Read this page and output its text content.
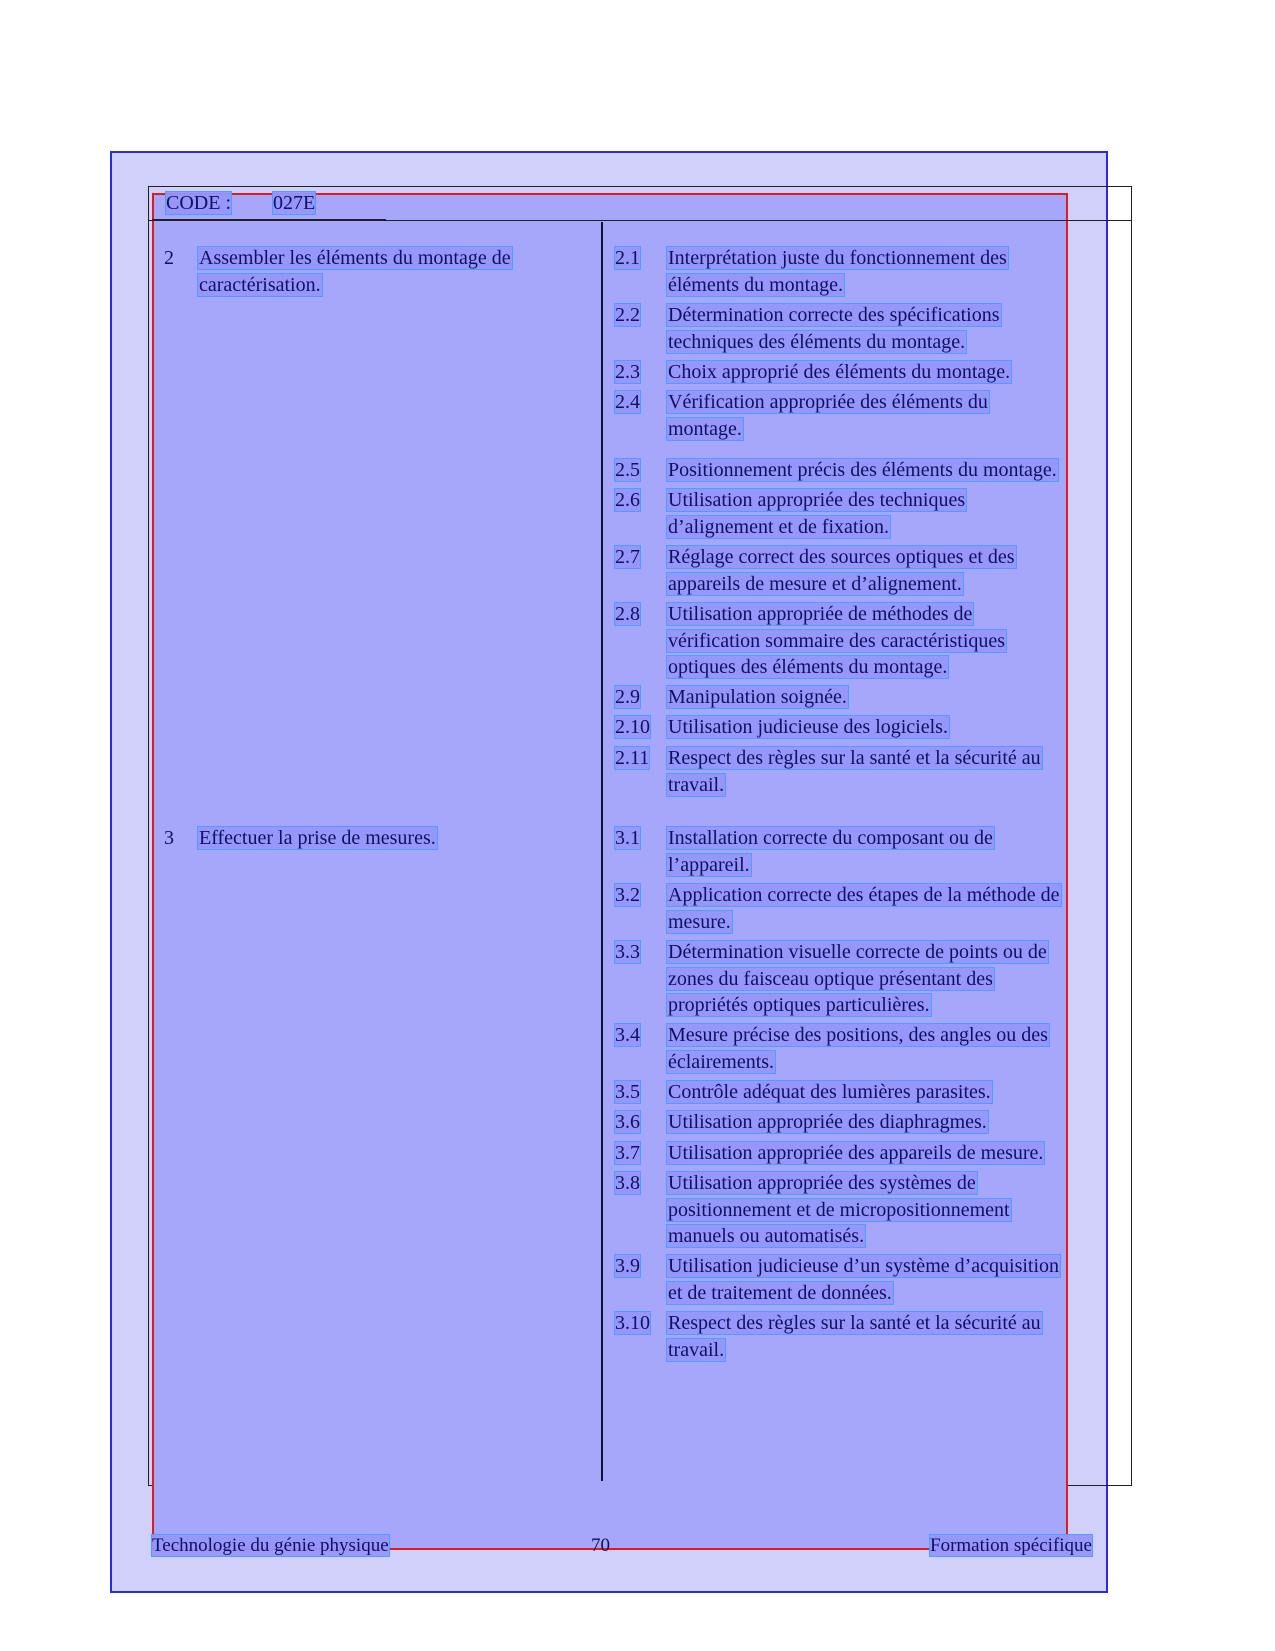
CODE : 027E
2 Assembler les éléments du montage de
caractérisation.
3 Effectuer la prise de mesures.
2.1 Interprétation juste du fonctionnement des
éléments du montage.
2.2 Détermination correcte des spécifications
techniques des éléments du montage.
2.3 Choix approprié des éléments du montage.
2.4 Vérification appropriée des éléments du
montage.
2.5 Positionnement précis des éléments du montage.
2.6 Utilisation appropriée des techniques
d’alignement et de fixation.
2.7 Réglage correct des sources optiques et des
appareils de mesure et d’alignement.
2.8 Utilisation appropriée de méthodes de
vérification sommaire des caractéristiques
optiques des éléments du montage.
2.9 Manipulation soignée.
2.10 Utilisation judicieuse des logiciels.
2.11 Respect des règles sur la santé et la sécurité au
travail.
3.1 Installation correcte du composant ou de
l’appareil.
3.2 Application correcte des étapes de la méthode de
mesure.
3.3 Détermination visuelle correcte de points ou de
zones du faisceau optique présentant des
propriétés optiques particulières.
3.4 Mesure précise des positions, des angles ou des
éclairements.
3.5 Contrôle adéquat des lumières parasites.
3.6 Utilisation appropriée des diaphragmes.
3.7 Utilisation appropriée des appareils de mesure.
3.8 Utilisation appropriée des systèmes de
positionnement et de micropositionnement
manuels ou automatisés.
3.9 Utilisation judicieuse d’un système d’acquisition
et de traitement de données.
3.10 Respect des règles sur la santé et la sécurité au
travail.
Technologie du génie physique	70	Formation spécifique
